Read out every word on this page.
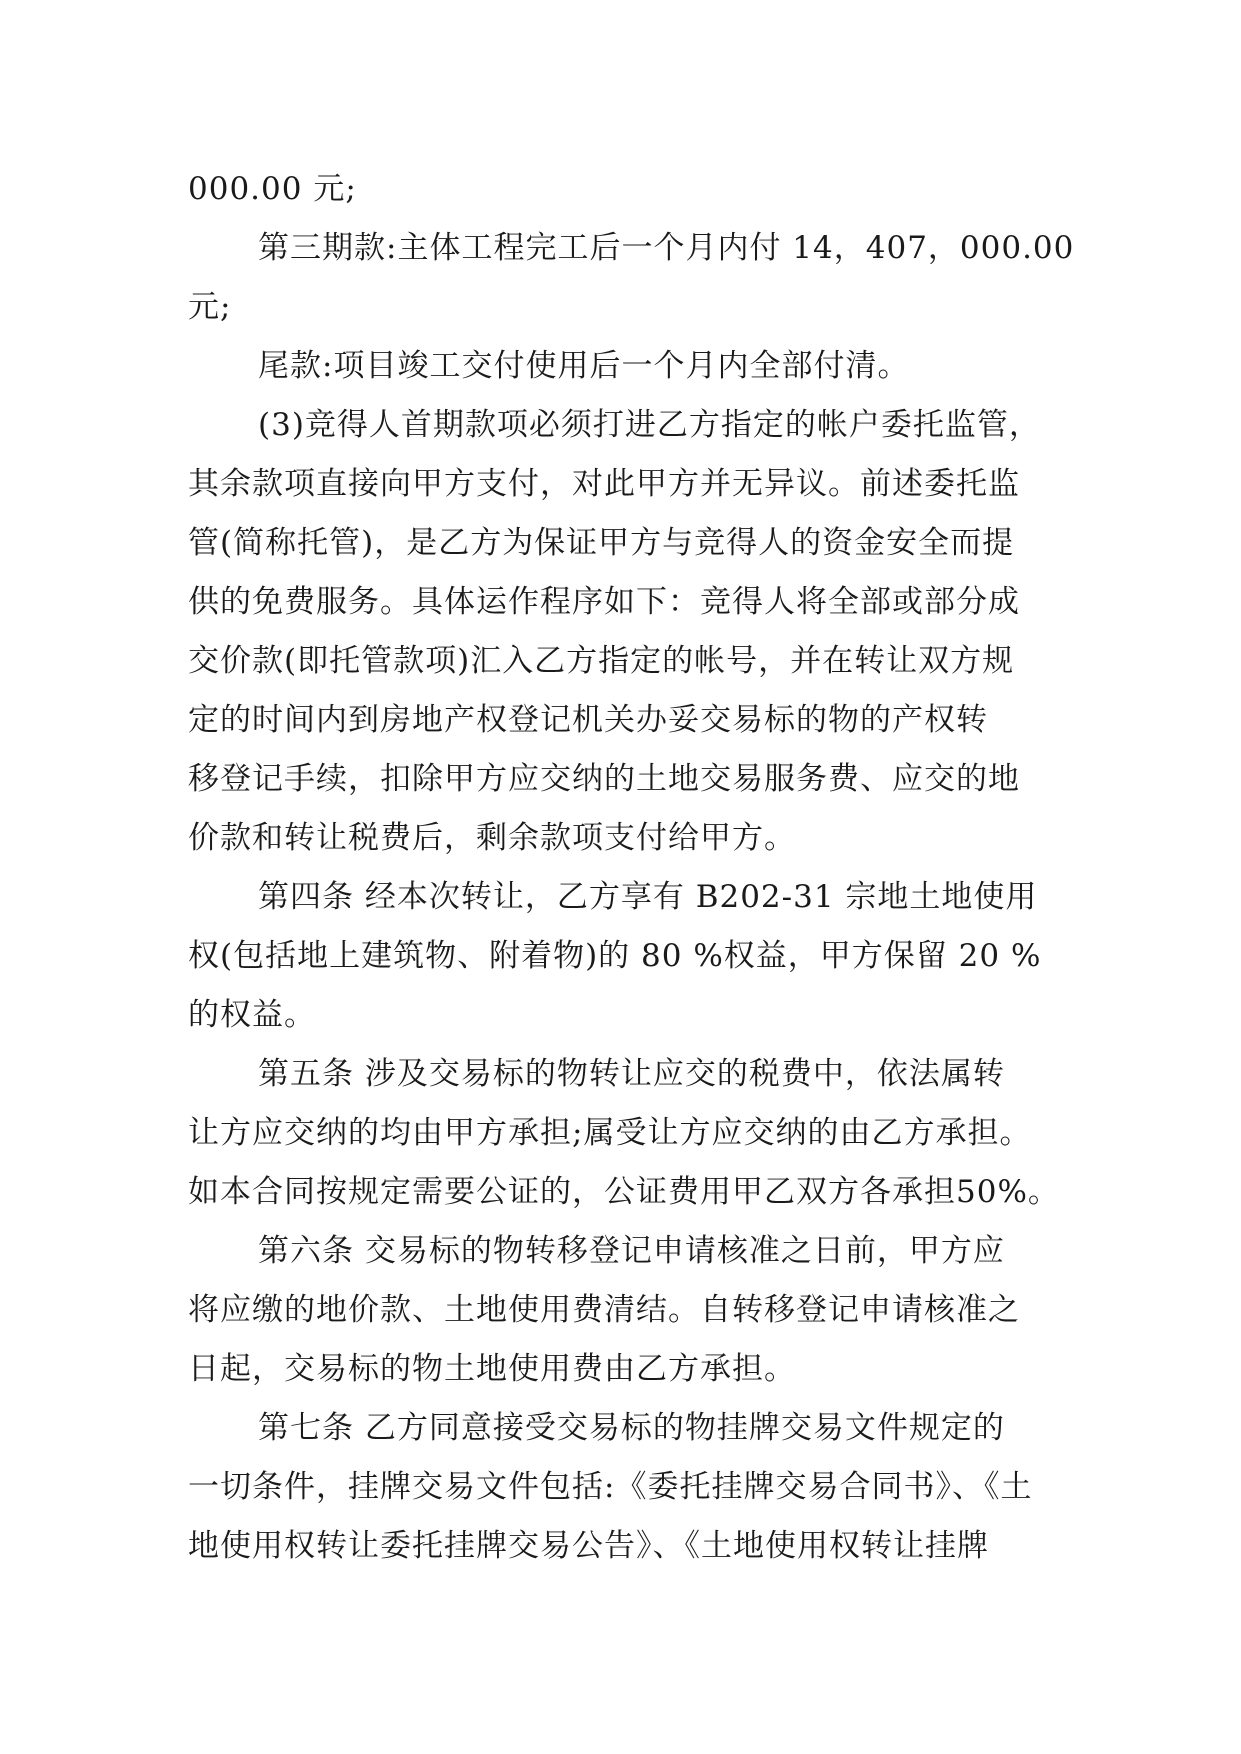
000.00 元;
第三期款:主体工程完工后一个月内付 14，407，000.00
元;
尾款:项目竣工交付使用后一个月内全部付清。
(3)竞得人首期款项必须打进乙方指定的帐户委托监管，
其余款项直接向甲方支付，对此甲方并无异议。前述委托监
管(简称托管)，是乙方为保证甲方与竞得人的资金安全而提
供的免费服务。具体运作程序如下：竞得人将全部或部分成
交价款(即托管款项)汇入乙方指定的帐号，并在转让双方规
定的时间内到房地产权登记机关办妥交易标的物的产权转
移登记手续，扣除甲方应交纳的土地交易服务费、应交的地
价款和转让税费后，剩余款项支付给甲方。
第四条 经本次转让，乙方享有 B202-31 宗地土地使用
权(包括地上建筑物、附着物)的 80 %权益，甲方保留 20 %
的权益。
第五条 涉及交易标的物转让应交的税费中，依法属转
让方应交纳的均由甲方承担;属受让方应交纳的由乙方承担。
如本合同按规定需要公证的，公证费用甲乙双方各承担50%。
第六条 交易标的物转移登记申请核准之日前，甲方应
将应缴的地价款、土地使用费清结。自转移登记申请核准之
日起，交易标的物土地使用费由乙方承担。
第七条 乙方同意接受交易标的物挂牌交易文件规定的
一切条件，挂牌交易文件包括:《委托挂牌交易合同书》、《土
地使用权转让委托挂牌交易公告》、《土地使用权转让挂牌
